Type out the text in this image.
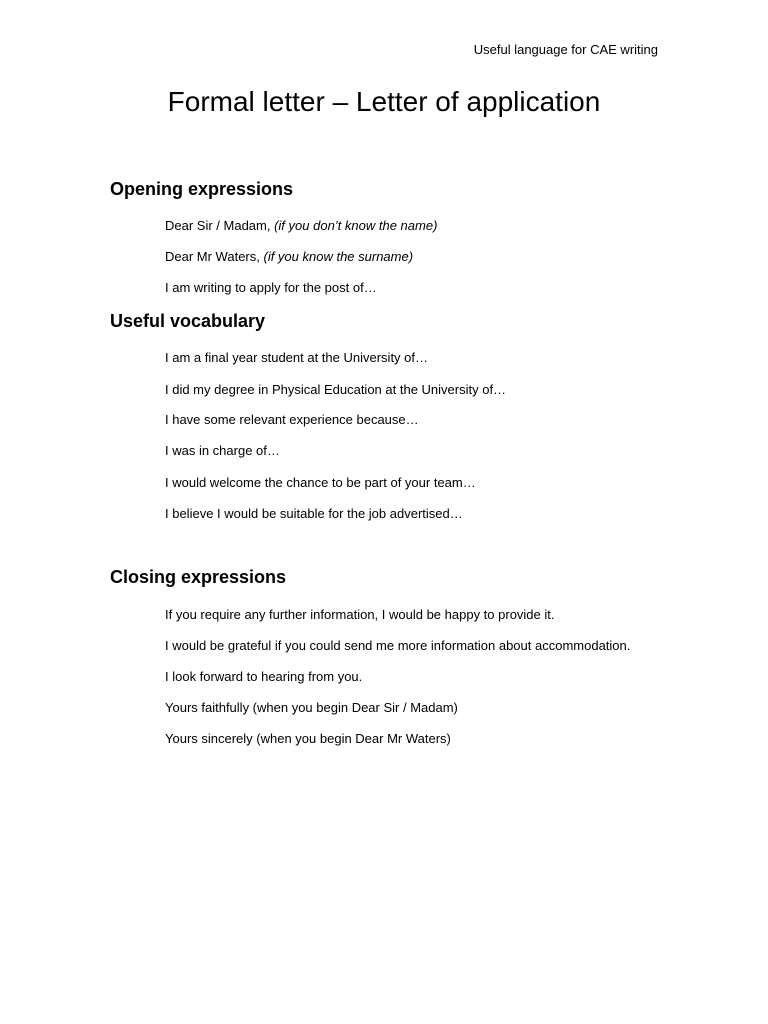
Useful language for CAE writing
Formal letter – Letter of application
Opening expressions
Dear Sir / Madam, (if you don’t know the name)
Dear Mr Waters, (if you know the surname)
I am writing to apply for the post of…
Useful vocabulary
I am a final year student at the University of…
I did my degree in Physical Education at the University of…
I have some relevant experience because…
I was in charge of…
I would welcome the chance to be part of your team…
I believe I would be suitable for the job advertised…
Closing expressions
If you require any further information, I would be happy to provide it.
I would be grateful if you could send me more information about accommodation.
I look forward to hearing from you.
Yours faithfully (when you begin Dear Sir / Madam)
Yours sincerely (when you begin Dear Mr Waters)
